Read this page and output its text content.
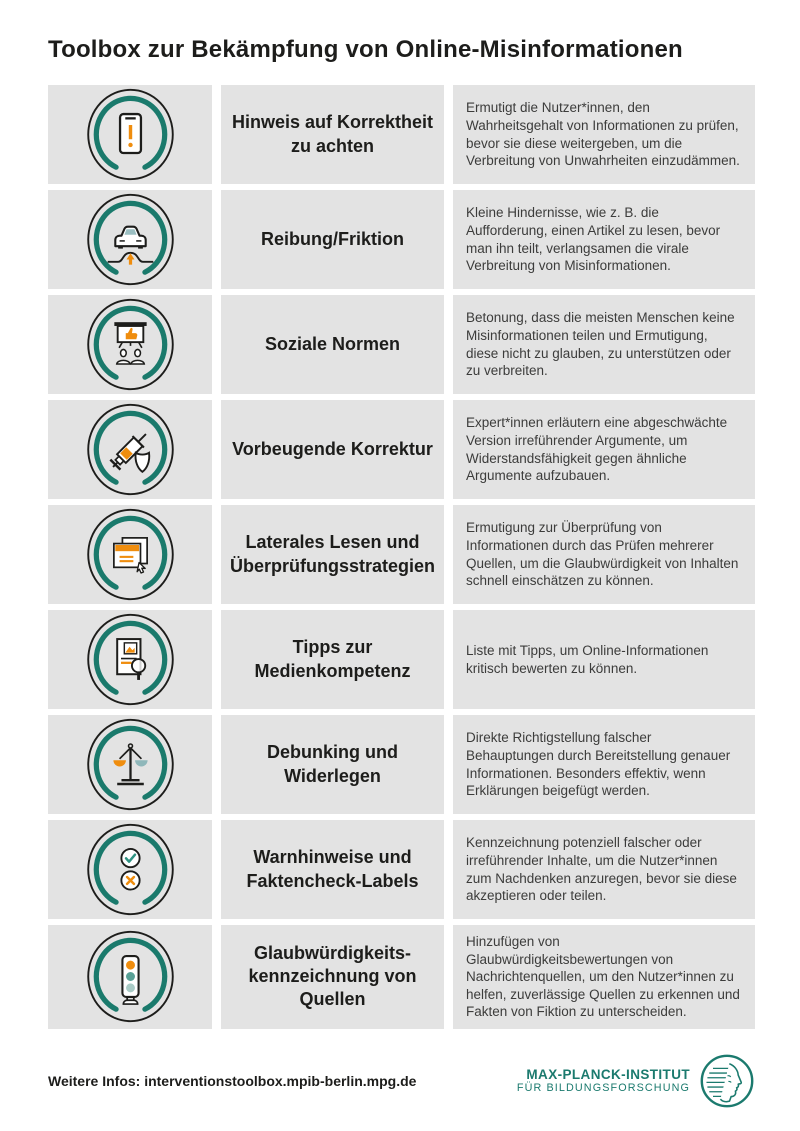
Toolbox zur Bekämpfung von Online-Misinformationen
Hinweis auf Korrektheit zu achten

Ermutigt die Nutzer*innen, den Wahrheitsgehalt von Informationen zu prüfen, bevor sie diese weitergeben, um die Verbreitung von Unwahrheiten einzudämmen.

Reibung/Friktion

Kleine Hindernisse, wie z. B. die Aufforderung, einen Artikel zu lesen, bevor man ihn teilt, verlangsamen die virale Verbreitung von Misinformationen.

Soziale Normen

Betonung, dass die meisten Menschen keine Misinformationen teilen und Ermutigung, diese nicht zu glauben, zu unterstützen oder zu verbreiten.

Vorbeugende Korrektur

Expert*innen erläutern eine abgeschwächte Version irreführender Argumente, um Widerstandsfähigkeit gegen ähnliche Argumente aufzubauen.

Laterales Lesen und Überprüfungsstrategien

Ermutigung zur Überprüfung von Informationen durch das Prüfen mehrerer Quellen, um die Glaubwürdigkeit von Inhalten schnell einschätzen zu können.

Tipps zur Medienkompetenz

Liste mit Tipps, um Online-Informationen kritisch bewerten zu können.

Debunking und Widerlegen

Direkte Richtigstellung falscher Behauptungen durch Bereitstellung genauer Informationen. Besonders effektiv, wenn Erklärungen beigefügt werden.

Warnhinweise und Faktencheck-Labels

Kennzeichnung potenziell falscher oder irreführender Inhalte, um die Nutzer*innen zum Nachdenken anzuregen, bevor sie diese akzeptieren oder teilen.

Glaubwürdigkeits-kennzeichnung von Quellen

Hinzufügen von Glaubwürdigkeitsbewertungen von Nachrichtenquellen, um den Nutzer*innen zu helfen, zuverlässige Quellen zu erkennen und Fakten von Fiktion zu unterscheiden.

Weitere Infos: interventionstoolbox.mpib-berlin.mpg.de	MAX-PLANCK-INSTITUT
FÜR BILDUNGSFORSCHUNG
